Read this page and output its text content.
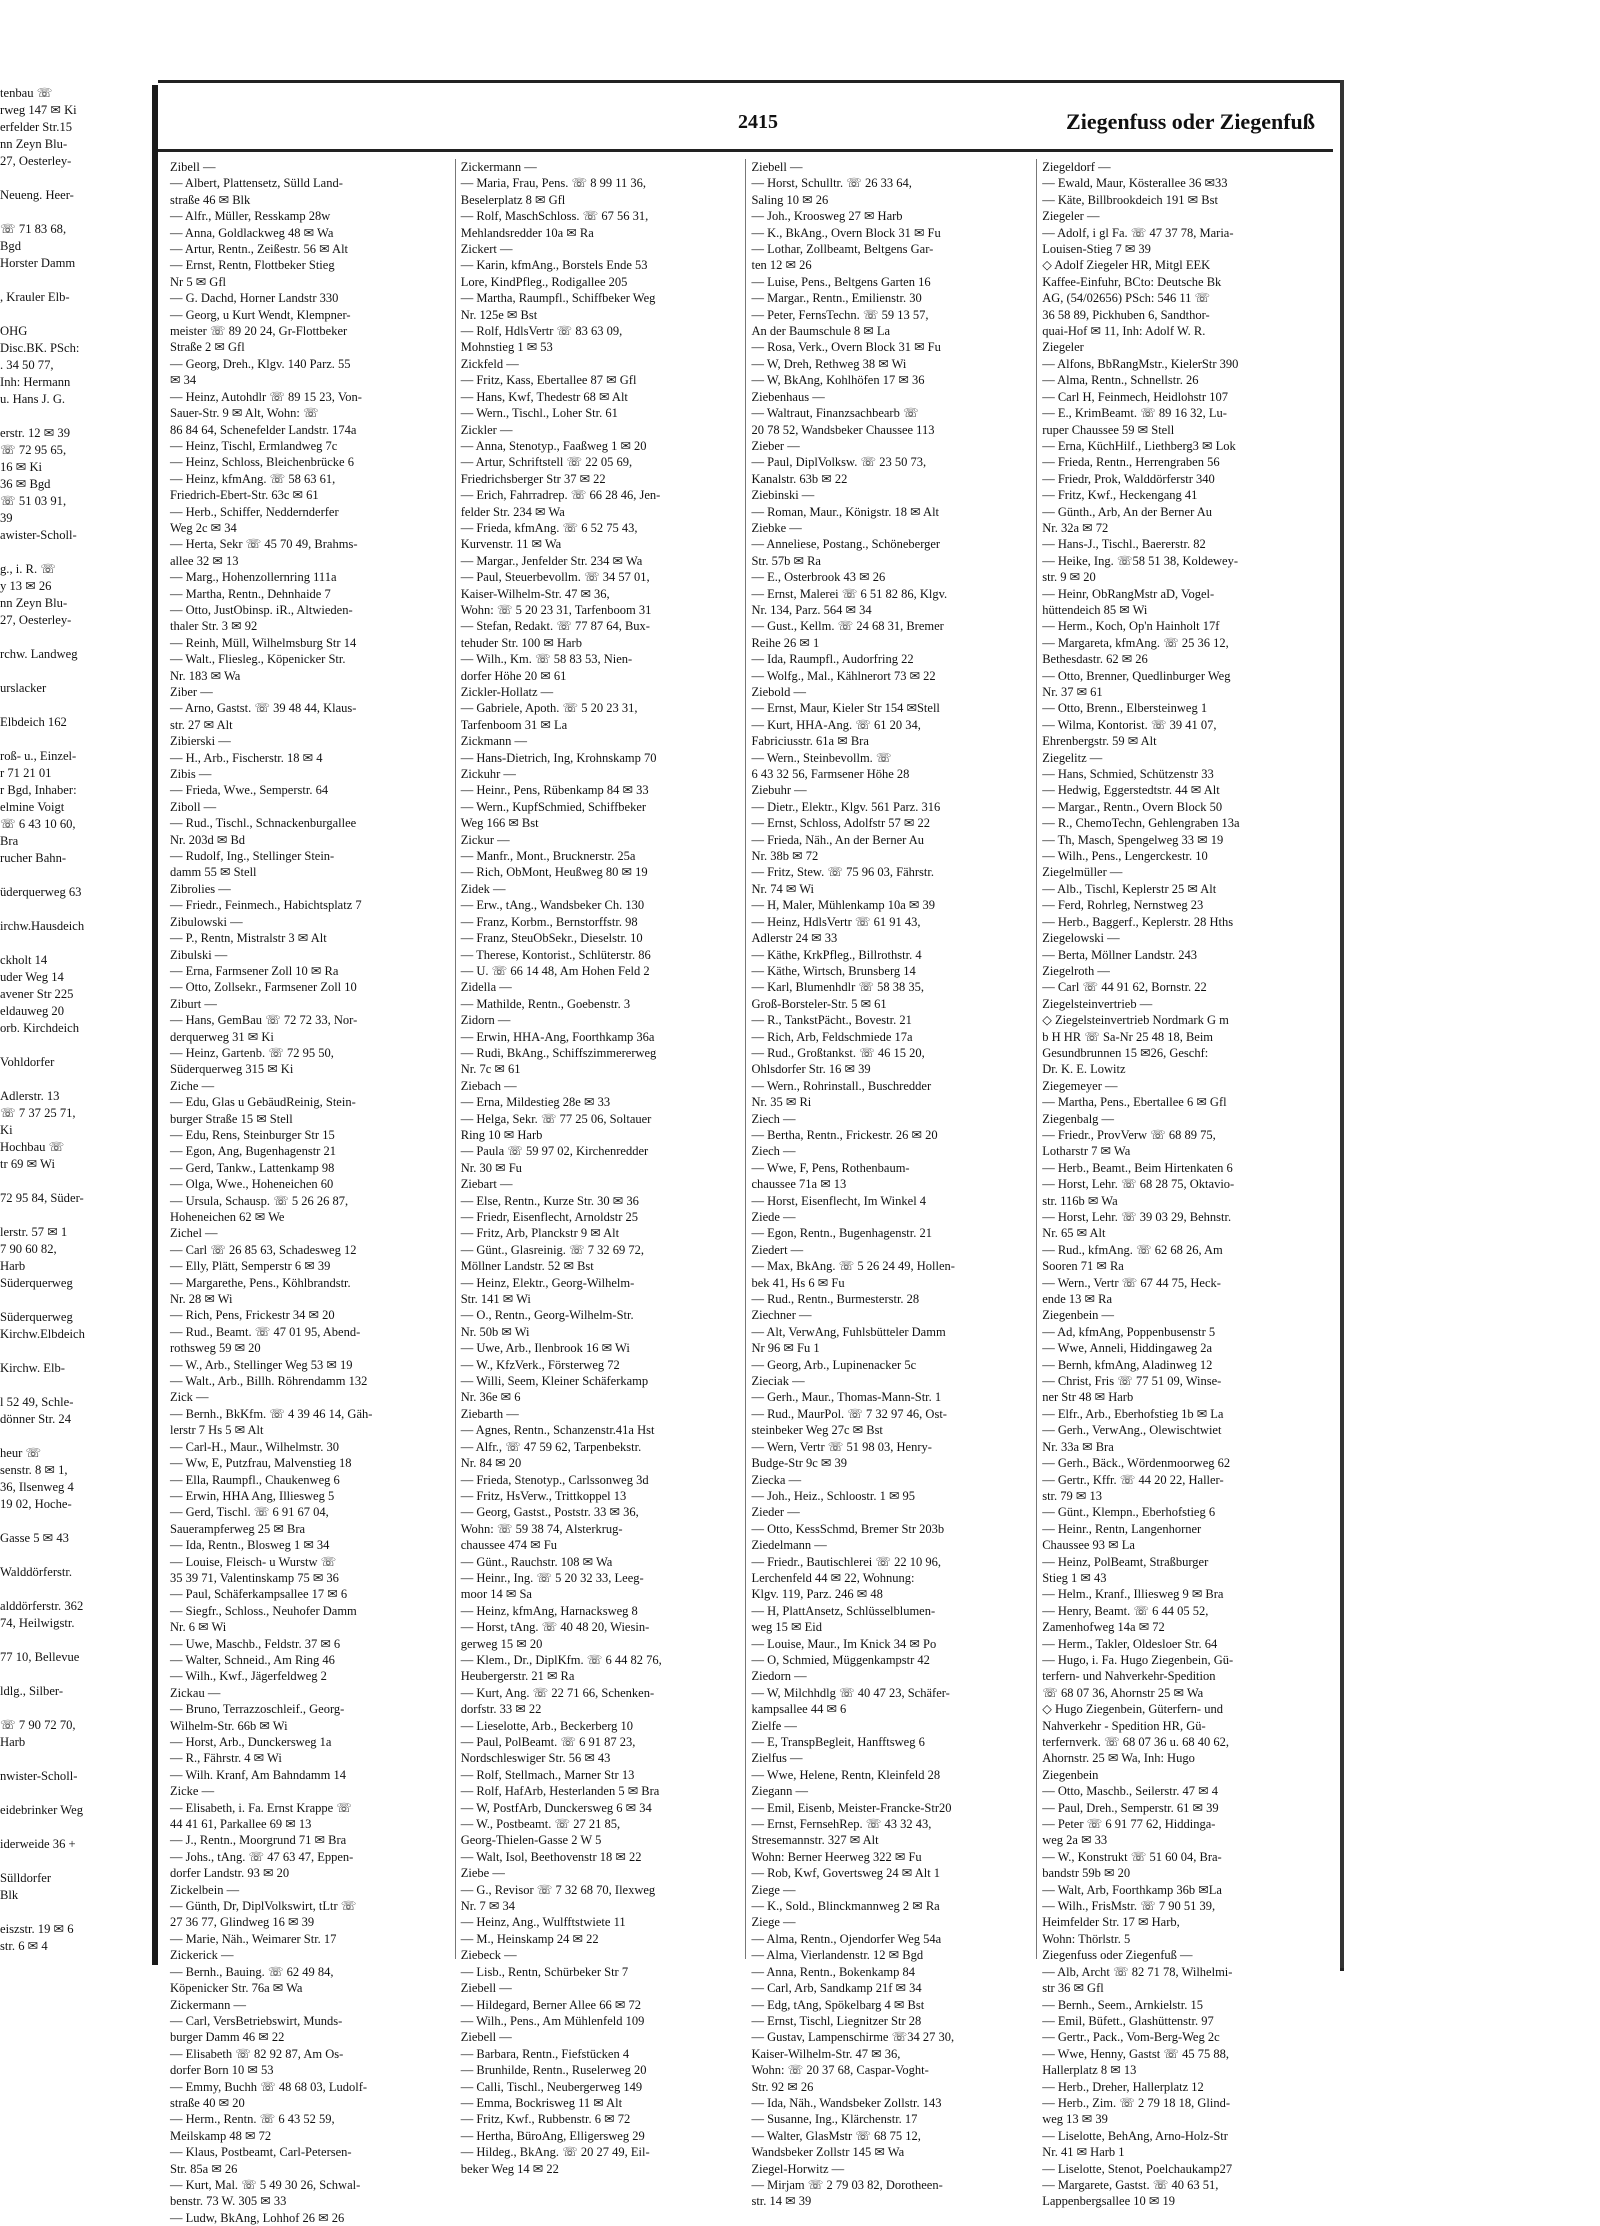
tenbau ☏
rweg 147 ✉ Ki
erfelder Str.15
nn Zeyn Blu-
27, Oesterley-

Neueng. Heer-

☏ 71 83 68,
Bgd
Horster Damm

, Krauler Elb-

OHG
Disc.BK. PSch:
. 34 50 77,
Inh: Hermann
u. Hans J. G.

erstr. 12 ✉ 39
☏ 72 95 65,
16 ✉ Ki
36 ✉ Bgd
☏ 51 03 91,
39
awister-Scholl-

g., i. R. ☏
y 13 ✉ 26
nn Zeyn Blu-
27, Oesterley-

rchw. Landweg

urslacker

Elbdeich 162

roß- u., Einzel-
r 71 21 01
r Bgd, Inhaber:
elmine Voigt
☏ 6 43 10 60,
Bra
rucher Bahn-

üderquerweg 63

irchw.Hausdeich

ckholt 14
uder Weg 14
avener Str 225
eldauweg 20
orb. Kirchdeich

Vohldorfer

Adlerstr. 13
☏ 7 37 25 71,
Ki
Hochbau ☏
tr 69 ✉ Wi

72 95 84, Süder-

lerstr. 57 ✉ 1
7 90 60 82,
Harb
Süderquerweg

Süderquerweg
Kirchw.Elbdeich

Kirchw. Elb-

l 52 49, Schle-
dönner Str. 24

heur ☏
senstr. 8 ✉ 1,
36, Ilsenweg 4
19 02, Hoche-

Gasse 5 ✉ 43

Walddörferstr.

alddörferstr. 362
74, Heilwigstr.

77 10, Bellevue

ldlg., Silber-

☏ 7 90 72 70,
Harb

nwister-Scholl-

eidebrinker Weg

iderweide 36 +

Sülldorfer
Blk

eiszstr. 19 ✉ 6
str. 6 ✉ 4
2415	Ziegenfuss oder Ziegenfuß
Zibell —
— Albert, Plattensetz, Sülld Land-
straße 46 ✉ Blk
— Alfr., Müller, Resskamp 28w
— Anna, Goldlackweg 48 ✉ Wa
— Artur, Rentn., Zeißestr. 56 ✉ Alt
— Ernst, Rentn, Flottbeker Stieg
Nr 5 ✉ Gfl
— G. Dachd, Horner Landstr 330
— Georg, u Kurt Wendt, Klempner-
meister ☏ 89 20 24, Gr-Flottbeker
Straße 2 ✉ Gfl
— Georg, Dreh., Klgv. 140 Parz. 55
✉ 34
— Heinz, Autohdlr ☏ 89 15 23, Von-
Sauer-Str. 9 ✉ Alt, Wohn: ☏
86 84 64, Schenefelder Landstr. 174a
— Heinz, Tischl, Ermlandweg 7c
— Heinz, Schloss, Bleichenbrücke 6
— Heinz, kfmAng. ☏ 58 63 61,
Friedrich-Ebert-Str. 63c ✉ 61
— Herb., Schiffer, Neddernderfer
Weg 2c ✉ 34
— Herta, Sekr ☏ 45 70 49, Brahms-
allee 32 ✉ 13
— Marg., Hohenzollernring 111a
— Martha, Rentn., Dehnhaide 7
— Otto, JustObinsp. iR., Altwieden-
thaler Str. 3 ✉ 92
— Reinh, Müll, Wilhelmsburg Str 14
— Walt., Fliesleg., Köpenicker Str.
Nr. 183 ✉ Wa
Ziber —
— Arno, Gastst. ☏ 39 48 44, Klaus-
str. 27 ✉ Alt
Zibierski —
— H., Arb., Fischerstr. 18 ✉ 4
Zibis —
— Frieda, Wwe., Semperstr. 64
Ziboll —
— Rud., Tischl., Schnackenburgallee
Nr. 203d ✉ Bd
— Rudolf, Ing., Stellinger Stein-
damm 55 ✉ Stell
Zibrolies —
— Friedr., Feinmech., Habichtsplatz 7
Zibulowski —
— P., Rentn, Mistralstr 3 ✉ Alt
Zibulski —
— Erna, Farmsener Zoll 10 ✉ Ra
— Otto, Zollsekr., Farmsener Zoll 10
Ziburt —
— Hans, GemBau ☏ 72 72 33, Nor-
derquerweg 31 ✉ Ki
— Heinz, Gartenb. ☏ 72 95 50,
Süderquerweg 315 ✉ Ki
Ziche —
— Edu, Glas u GebäudReinig, Stein-
burger Straße 15 ✉ Stell
— Edu, Rens, Steinburger Str 15
— Egon, Ang, Bugenhagenstr 21
— Gerd, Tankw., Lattenkamp 98
— Olga, Wwe., Hoheneichen 60
— Ursula, Schausp. ☏ 5 26 26 87,
Hoheneichen 62 ✉ We
Zichel —
— Carl ☏ 26 85 63, Schadesweg 12
— Elly, Plätt, Semperstr 6 ✉ 39
— Margarethe, Pens., Köhlbrandstr.
Nr. 28 ✉ Wi
— Rich, Pens, Frickestr 34 ✉ 20
— Rud., Beamt. ☏ 47 01 95, Abend-
rothsweg 59 ✉ 20
— W., Arb., Stellinger Weg 53 ✉ 19
— Walt., Arb., Billh. Röhrendamm 132
Zick —
— Bernh., BkKfm. ☏ 4 39 46 14, Gäh-
lerstr 7 Hs 5 ✉ Alt
— Carl-H., Maur., Wilhelmstr. 30
— Ww, E, Putzfrau, Malvenstieg 18
— Ella, Raumpfl., Chaukenweg 6
— Erwin, HHA Ang, Illiesweg 5
— Gerd, Tischl. ☏ 6 91 67 04,
Sauerampferweg 25 ✉ Bra
— Ida, Rentn., Blosweg 1 ✉ 34
— Louise, Fleisch- u Wurstw ☏
35 39 71, Valentinskamp 75 ✉ 36
— Paul, Schäferkampsallee 17 ✉ 6
— Siegfr., Schloss., Neuhofer Damm
Nr. 6 ✉ Wi
— Uwe, Maschb., Feldstr. 37 ✉ 6
— Walter, Schneid., Am Ring 46
— Wilh., Kwf., Jägerfeldweg 2
Zickau —
— Bruno, Terrazzoschleif., Georg-
Wilhelm-Str. 66b ✉ Wi
— Horst, Arb., Dunckersweg 1a
— R., Fährstr. 4 ✉ Wi
— Wilh. Kranf, Am Bahndamm 14
Zicke —
— Elisabeth, i. Fa. Ernst Krappe ☏
44 41 61, Parkallee 69 ✉ 13
— J., Rentn., Moorgrund 71 ✉ Bra
— Johs., tAng. ☏ 47 63 47, Eppen-
dorfer Landstr. 93 ✉ 20
Zickelbein —
— Günth, Dr, DiplVolkswirt, tLtr ☏
27 36 77, Glindweg 16 ✉ 39
— Marie, Näh., Weimarer Str. 17
Zickerick —
— Bernh., Bauing. ☏ 62 49 84,
Köpenicker Str. 76a ✉ Wa
Zickermann —
— Carl, VersBetriebswirt, Munds-
burger Damm 46 ✉ 22
— Elisabeth ☏ 82 92 87, Am Os-
dorfer Born 10 ✉ 53
— Emmy, Buchh ☏ 48 68 03, Ludolf-
straße 40 ✉ 20
— Herm., Rentn. ☏ 6 43 52 59,
Meilskamp 48 ✉ 72
— Klaus, Postbeamt, Carl-Petersen-
Str. 85a ✉ 26
— Kurt, Mal. ☏ 5 49 30 26, Schwal-
benstr. 73 W. 305 ✉ 33
— Ludw, BkAng, Lohhof 26 ✉ 26
Zickermann —
— Maria, Frau, Pens. ☏ 8 99 11 36,
Beselerplatz 8 ✉ Gfl
— Rolf, MaschSchloss. ☏ 67 56 31,
Mehlandsredder 10a ✉ Ra
Zickert —
— Karin, kfmAng., Borstels Ende 53
Lore, KindPfleg., Rodigallee 205
— Martha, Raumpfl., Schiffbeker Weg
Nr. 125e ✉ Bst
— Rolf, HdlsVertr ☏ 83 63 09,
Mohnstieg 1 ✉ 53
Zickfeld —
— Fritz, Kass, Ebertallee 87 ✉ Gfl
— Hans, Kwf, Thedestr 68 ✉ Alt
— Wern., Tischl., Loher Str. 61
Zickler —
— Anna, Stenotyp., Faaßweg 1 ✉ 20
— Artur, Schriftstell ☏ 22 05 69,
Friedrichsberger Str 37 ✉ 22
— Erich, Fahrradrep. ☏ 66 28 46, Jen-
felder Str. 234 ✉ Wa
— Frieda, kfmAng. ☏ 6 52 75 43,
Kurvenstr. 11 ✉ Wa
— Margar., Jenfelder Str. 234 ✉ Wa
— Paul, Steuerbevollm. ☏ 34 57 01,
Kaiser-Wilhelm-Str. 47 ✉ 36,
Wohn: ☏ 5 20 23 31, Tarfenboom 31
— Stefan, Redakt. ☏ 77 87 64, Bux-
tehuder Str. 100 ✉ Harb
— Wilh., Km. ☏ 58 83 53, Nien-
dorfer Höhe 20 ✉ 61
Zickler-Hollatz —
— Gabriele, Apoth. ☏ 5 20 23 31,
Tarfenboom 31 ✉ La
Zickmann —
— Hans-Dietrich, Ing, Krohnskamp 70
Zickuhr —
— Heinr., Pens, Rübenkamp 84 ✉ 33
— Wern., KupfSchmied, Schiffbeker
Weg 166 ✉ Bst
Zickur —
— Manfr., Mont., Brucknerstr. 25a
— Rich, ObMont, Heußweg 80 ✉ 19
Zidek —
— Erw., tAng., Wandsbeker Ch. 130
— Franz, Korbm., Bernstorffstr. 98
— Franz, SteuObSekr., Dieselstr. 10
— Therese, Kontorist., Schlüterstr. 86
— U. ☏ 66 14 48, Am Hohen Feld 2
Zidella —
— Mathilde, Rentn., Goebenstr. 3
Zidorn —
— Erwin, HHA-Ang, Foorthkamp 36a
— Rudi, BkAng., Schiffszimmererweg
Nr. 7c ✉ 61
Ziebach —
— Erna, Mildestieg 28e ✉ 33
— Helga, Sekr. ☏ 77 25 06, Soltauer
Ring 10 ✉ Harb
— Paula ☏ 59 97 02, Kirchenredder
Nr. 30 ✉ Fu
Ziebart —
— Else, Rentn., Kurze Str. 30 ✉ 36
— Friedr, Eisenflecht, Arnoldstr 25
— Fritz, Arb, Planckstr 9 ✉ Alt
— Günt., Glasreinig. ☏ 7 32 69 72,
Möllner Landstr. 52 ✉ Bst
— Heinz, Elektr., Georg-Wilhelm-
Str. 141 ✉ Wi
— O., Rentn., Georg-Wilhelm-Str.
Nr. 50b ✉ Wi
— Uwe, Arb., Ilenbrook 16 ✉ Wi
— W., KfzVerk., Försterweg 72
— Willi, Seem, Kleiner Schäferkamp
Nr. 36e ✉ 6
Ziebarth —
— Agnes, Rentn., Schanzenstr.41a Hst
— Alfr., ☏ 47 59 62, Tarpenbekstr.
Nr. 84 ✉ 20
— Frieda, Stenotyp., Carlssonweg 3d
— Fritz, HsVerw., Trittkoppel 13
— Georg, Gastst., Poststr. 33 ✉ 36,
Wohn: ☏ 59 38 74, Alsterkrug-
chaussee 474 ✉ Fu
— Günt., Rauchstr. 108 ✉ Wa
— Heinr., Ing. ☏ 5 20 32 33, Leeg-
moor 14 ✉ Sa
— Heinz, kfmAng, Harnacksweg 8
— Horst, tAng. ☏ 40 48 20, Wiesin-
gerweg 15 ✉ 20
— Klem., Dr., DiplKfm. ☏ 6 44 82 76,
Heubergerstr. 21 ✉ Ra
— Kurt, Ang. ☏ 22 71 66, Schenken-
dorfstr. 33 ✉ 22
— Lieselotte, Arb., Beckerberg 10
— Paul, PolBeamt. ☏ 6 91 87 23,
Nordschleswiger Str. 56 ✉ 43
— Rolf, Stellmach., Marner Str 13
— Rolf, HafArb, Hesterlanden 5 ✉ Bra
— W, PostfArb, Dunckersweg 6 ✉ 34
— W., Postbeamt. ☏ 27 21 85,
Georg-Thielen-Gasse 2 W 5
— Walt, Isol, Beethovenstr 18 ✉ 22
Ziebe —
— G., Revisor ☏ 7 32 68 70, Ilexweg
Nr. 7 ✉ 34
— Heinz, Ang., Wulfftstwiete 11
— M., Heinskamp 24 ✉ 22
Ziebeck —
— Lisb., Rentn, Schürbeker Str 7
Ziebell —
— Hildegard, Berner Allee 66 ✉ 72
— Wilh., Pens., Am Mühlenfeld 109
Ziebell —
— Barbara, Rentn., Fiefstücken 4
— Brunhilde, Rentn., Ruselerweg 20
— Calli, Tischl., Neubergerweg 149
— Emma, Bockrisweg 11 ✉ Alt
— Fritz, Kwf., Rubbenstr. 6 ✉ 72
— Hertha, BüroAng, Elligersweg 29
— Hildeg., BkAng. ☏ 20 27 49, Eil-
beker Weg 14 ✉ 22
Ziebell —
— Horst, Schulltr. ☏ 26 33 64,
Saling 10 ✉ 26
— Joh., Kroosweg 27 ✉ Harb
— K., BkAng., Overn Block 31 ✉ Fu
— Lothar, Zollbeamt, Beltgens Gar-
ten 12 ✉ 26
— Luise, Pens., Beltgens Garten 16
— Margar., Rentn., Emilienstr. 30
— Peter, FernsTechn. ☏ 59 13 57,
An der Baumschule 8 ✉ La
— Rosa, Verk., Overn Block 31 ✉ Fu
— W, Dreh, Rethweg 38 ✉ Wi
— W, BkAng, Kohlhöfen 17 ✉ 36
Ziebenhaus —
— Waltraut, Finanzsachbearb ☏
20 78 52, Wandsbeker Chaussee 113
Zieber —
— Paul, DiplVolksw. ☏ 23 50 73,
Kanalstr. 63b ✉ 22
Ziebinski —
— Roman, Maur., Königstr. 18 ✉ Alt
Ziebke —
— Anneliese, Postang., Schöneberger
Str. 57b ✉ Ra
— E., Osterbrook 43 ✉ 26
— Ernst, Malerei ☏ 6 51 82 86, Klgv.
Nr. 134, Parz. 564 ✉ 34
— Gust., Kellm. ☏ 24 68 31, Bremer
Reihe 26 ✉ 1
— Ida, Raumpfl., Audorfring 22
— Wolfg., Mal., Kählnerort 73 ✉ 22
Ziebold —
— Ernst, Maur, Kieler Str 154 ✉Stell
— Kurt, HHA-Ang. ☏ 61 20 34,
Fabriciusstr. 61a ✉ Bra
— Wern., Steinbevollm. ☏
6 43 32 56, Farmsener Höhe 28
Ziebuhr —
— Dietr., Elektr., Klgv. 561 Parz. 316
— Ernst, Schloss, Adolfstr 57 ✉ 22
— Frieda, Näh., An der Berner Au
Nr. 38b ✉ 72
— Fritz, Stew. ☏ 75 96 03, Fährstr.
Nr. 74 ✉ Wi
— H, Maler, Mühlenkamp 10a ✉ 39
— Heinz, HdlsVertr ☏ 61 91 43,
Adlerstr 24 ✉ 33
— Käthe, KrkPfleg., Billrothstr. 4
— Käthe, Wirtsch, Brunsberg 14
— Karl, Blumenhdlr ☏ 58 38 35,
Groß-Borsteler-Str. 5 ✉ 61
— R., TankstPächt., Bovestr. 21
— Rich, Arb, Feldschmiede 17a
— Rud., Großtankst. ☏ 46 15 20,
Ohlsdorfer Str. 16 ✉ 39
— Wern., Rohrinstall., Buschredder
Nr. 35 ✉ Ri
Ziech —
— Bertha, Rentn., Frickestr. 26 ✉ 20
Ziech —
— Wwe, F, Pens, Rothenbaum-
chaussee 71a ✉ 13
— Horst, Eisenflecht, Im Winkel 4
Ziede —
— Egon, Rentn., Bugenhagenstr. 21
Ziedert —
— Max, BkAng. ☏ 5 26 24 49, Hollen-
bek 41, Hs 6 ✉ Fu
— Rud., Rentn., Burmesterstr. 28
Ziechner —
— Alt, VerwAng, Fuhlsbütteler Damm
Nr 96 ✉ Fu 1
— Georg, Arb., Lupinenacker 5c
Zieciak —
— Gerh., Maur., Thomas-Mann-Str. 1
— Rud., MaurPol. ☏ 7 32 97 46, Ost-
steinbeker Weg 27c ✉ Bst
— Wern, Vertr ☏ 51 98 03, Henry-
Budge-Str 9c ✉ 39
Ziecka —
— Joh., Heiz., Schloostr. 1 ✉ 95
Zieder —
— Otto, KessSchmd, Bremer Str 203b
Ziedelmann —
— Friedr., Bautischlerei ☏ 22 10 96,
Lerchenfeld 44 ✉ 22, Wohnung:
Klgv. 119, Parz. 246 ✉ 48
— H, PlattAnsetz, Schlüsselblumen-
weg 15 ✉ Eid
— Louise, Maur., Im Knick 34 ✉ Po
— O, Schmied, Müggenkampstr 42
Ziedorn —
— W, Milchhdlg ☏ 40 47 23, Schäfer-
kampsallee 44 ✉ 6
Zielfe —
— E, TranspBegleit, Hanfftsweg 6
Zielfus —
— Wwe, Helene, Rentn, Kleinfeld 28
Ziegann —
— Emil, Eisenb, Meister-Francke-Str20
— Ernst, FernsehRep. ☏ 43 32 43,
Stresemannstr. 327 ✉ Alt
Wohn: Berner Heerweg 322 ✉ Fu
— Rob, Kwf, Govertsweg 24 ✉ Alt 1
Ziege —
— K., Sold., Blinckmannweg 2 ✉ Ra
Ziege —
— Alma, Rentn., Ojendorfer Weg 54a
— Alma, Vierlandenstr. 12 ✉ Bgd
— Anna, Rentn., Bokenkamp 84
— Carl, Arb, Sandkamp 21f ✉ 34
— Edg, tAng, Spökelbarg 4 ✉ Bst
— Ernst, Tischl, Liegnitzer Str 28
— Gustav, Lampenschirme ☏34 27 30,
Kaiser-Wilhelm-Str. 47 ✉ 36,
Wohn: ☏ 20 37 68, Caspar-Voght-
Str. 92 ✉ 26
— Ida, Näh., Wandsbeker Zollstr. 143
— Susanne, Ing., Klärchenstr. 17
— Walter, GlasMstr ☏ 68 75 12,
Wandsbeker Zollstr 145 ✉ Wa
Ziegel-Horwitz —
— Mirjam ☏ 2 79 03 82, Dorotheen-
str. 14 ✉ 39
Ziegeldorf —
— Ewald, Maur, Kösterallee 36 ✉33
— Käte, Billbrookdeich 191 ✉ Bst
Ziegeler —
— Adolf, i gl Fa. ☏ 47 37 78, Maria-
Louisen-Stieg 7 ✉ 39
◇ Adolf Ziegeler HR, Mitgl EEK
Kaffee-Einfuhr, BCto: Deutsche Bk
AG, (54/02656) PSch: 546 11 ☏
36 58 89, Pickhuben 6, Sandthor-
quai-Hof ✉ 11, Inh: Adolf W. R.
Ziegeler
— Alfons, BbRangMstr., KielerStr 390
— Alma, Rentn., Schnellstr. 26
— Carl H, Feinmech, Heidlohstr 107
— E., KrimBeamt. ☏ 89 16 32, Lu-
ruper Chaussee 59 ✉ Stell
— Erna, KüchHilf., Liethberg3 ✉ Lok
— Frieda, Rentn., Herrengraben 56
— Friedr, Prok, Walddörferstr 340
— Fritz, Kwf., Heckengang 41
— Günth., Arb, An der Berner Au
Nr. 32a ✉ 72
— Hans-J., Tischl., Baererstr. 82
— Heike, Ing. ☏58 51 38, Koldewey-
str. 9 ✉ 20
— Heinr, ObRangMstr aD, Vogel-
hüttendeich 85 ✉ Wi
— Herm., Koch, Op'n Hainholt 17f
— Margareta, kfmAng. ☏ 25 36 12,
Bethesdastr. 62 ✉ 26
— Otto, Brenner, Quedlinburger Weg
Nr. 37 ✉ 61
— Otto, Brenn., Elbersteinweg 1
— Wilma, Kontorist. ☏ 39 41 07,
Ehrenbergstr. 59 ✉ Alt
Ziegelitz —
— Hans, Schmied, Schützenstr 33
— Hedwig, Eggerstedtstr. 44 ✉ Alt
— Margar., Rentn., Overn Block 50
— R., ChemoTechn, Gehlengraben 13a
— Th, Masch, Spengelweg 33 ✉ 19
— Wilh., Pens., Lengerckestr. 10
Ziegelmüller —
— Alb., Tischl, Keplerstr 25 ✉ Alt
— Ferd, Rohrleg, Nernstweg 23
— Herb., Baggerf., Keplerstr. 28 Hths
Ziegelowski —
— Berta, Möllner Landstr. 243
Ziegelroth —
— Carl ☏ 44 91 62, Bornstr. 22
Ziegelsteinvertrieb —
◇ Ziegelsteinvertrieb Nordmark G m
b H HR ☏ Sa-Nr 25 48 18, Beim
Gesundbrunnen 15 ✉26, Geschf:
Dr. K. E. Lowitz
Ziegemeyer —
— Martha, Pens., Ebertallee 6 ✉ Gfl
Ziegenbalg —
— Friedr., ProvVerw ☏ 68 89 75,
Lotharstr 7 ✉ Wa
— Herb., Beamt., Beim Hirtenkaten 6
— Horst, Lehr. ☏ 68 28 75, Oktavio-
str. 116b ✉ Wa
— Horst, Lehr. ☏ 39 03 29, Behnstr.
Nr. 65 ✉ Alt
— Rud., kfmAng. ☏ 62 68 26, Am
Sooren 71 ✉ Ra
— Wern., Vertr ☏ 67 44 75, Heck-
ende 13 ✉ Ra
Ziegenbein —
— Ad, kfmAng, Poppenbusenstr 5
— Wwe, Anneli, Hiddingaweg 2a
— Bernh, kfmAng, Aladinweg 12
— Christ, Fris ☏ 77 51 09, Winse-
ner Str 48 ✉ Harb
— Elfr., Arb., Eberhofstieg 1b ✉ La
— Gerh., VerwAng., Olewischtwiet
Nr. 33a ✉ Bra
— Gerh., Bäck., Wördenmoorweg 62
— Gertr., Kffr. ☏ 44 20 22, Haller-
str. 79 ✉ 13
— Günt., Klempn., Eberhofstieg 6
— Heinr., Rentn, Langenhorner
Chaussee 93 ✉ La
— Heinz, PolBeamt, Straßburger
Stieg 1 ✉ 43
— Helm., Kranf., Illiesweg 9 ✉ Bra
— Henry, Beamt. ☏ 6 44 05 52,
Zamenhofweg 14a ✉ 72
— Herm., Takler, Oldesloer Str. 64
— Hugo, i. Fa. Hugo Ziegenbein, Gü-
terfern- und Nahverkehr-Spedition
☏ 68 07 36, Ahornstr 25 ✉ Wa
◇ Hugo Ziegenbein, Güterfern- und
Nahverkehr - Spedition HR, Gü-
terfernverk. ☏ 68 07 36 u. 68 40 62,
Ahornstr. 25 ✉ Wa, Inh: Hugo
Ziegenbein
— Otto, Maschb., Seilerstr. 47 ✉ 4
— Paul, Dreh., Semperstr. 61 ✉ 39
— Peter ☏ 6 91 77 62, Hiddinga-
weg 2a ✉ 33
— W., Konstrukt ☏ 51 60 04, Bra-
bandstr 59b ✉ 20
— Walt, Arb, Foorthkamp 36b ✉La
— Wilh., FrisMstr. ☏ 7 90 51 39,
Heimfelder Str. 17 ✉ Harb,
Wohn: Thörlstr. 5
Ziegenfuss oder Ziegenfuß —
— Alb, Archt ☏ 82 71 78, Wilhelmi-
str 36 ✉ Gfl
— Bernh., Seem., Arnkielstr. 15
— Emil, Büfett., Glashüttenstr. 97
— Gertr., Pack., Vom-Berg-Weg 2c
— Wwe, Henny, Gastst ☏ 45 75 88,
Hallerplatz 8 ✉ 13
— Herb., Dreher, Hallerplatz 12
— Herb., Zim. ☏ 2 79 18 18, Glind-
weg 13 ✉ 39
— Liselotte, BehAng, Arno-Holz-Str
Nr. 41 ✉ Harb 1
— Liselotte, Stenot, Poelchaukamp27
— Margarete, Gastst. ☏ 40 63 51,
Lappenbergsallee 10 ✉ 19
